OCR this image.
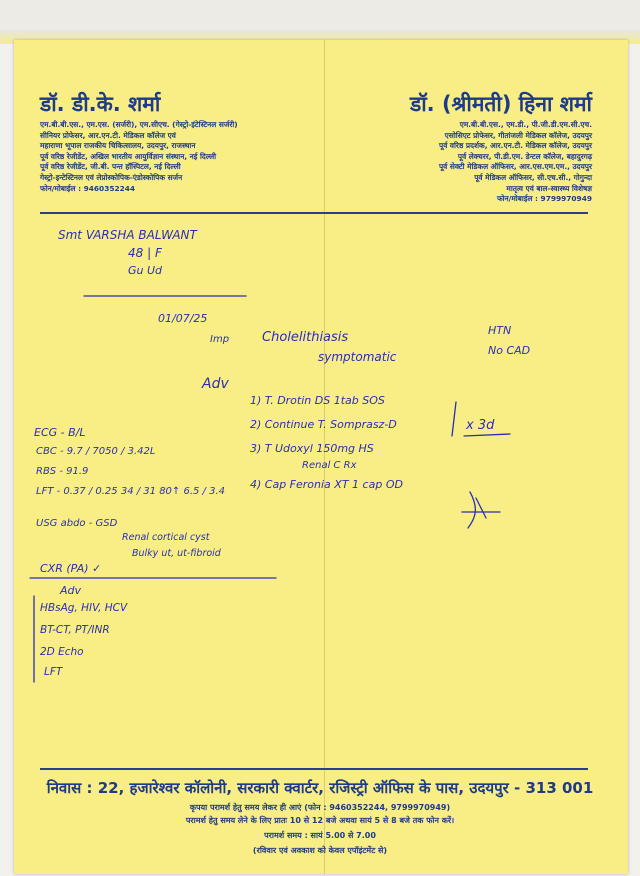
डॉ. डी.के. शर्मा
एम.बी.बी.एस., एम.एस. (सर्जरी), एम.सीएच. (गेस्ट्रो-इंटेस्टिनल सर्जरी)
सीनियर प्रोफेसर, आर.एन.टी. मेडिकल कॉलेज एवं
महाराणा भूपाल राजकीय चिकित्सालय, उदयपुर, राजस्थान
पूर्व वरिष्ठ रेजीडेंट, अखिल भारतीय आयुर्विज्ञान संस्थान, नई दिल्ली
पूर्व वरिष्ठ रेजीडेंट, जी.बी. पन्त हॉस्पिटल, नई दिल्ली
गेस्ट्रो-इन्टेस्टिनल एवं लेप्रोस्कोपिक-एंडोस्कोपिक सर्जन
फोन/मोबाईल : 9460352244
डॉ. (श्रीमती) हिना शर्मा
एम.बी.बी.एस., एम.डी., पी.जी.डी.एम.सी.एच.
एसोसिएट प्रोफेसर, गीतांजली मेडिकल कॉलेज, उदयपुर
पूर्व वरिष्ठ प्रदर्शक, आर.एन.टी. मेडिकल कॉलेज, उदयपुर
पूर्व लेक्चरर, पी.डी.एम. डेन्टल कॉलेज, बहादुरगढ़
पूर्व सेक्टी मेडिकल ऑफिसर, आर.एस.एम.एम., उदयपुर
पूर्व मेडिकल ऑफिसर, सी.एच.सी., गोगुन्दा
मातृत्व एवं बाल-स्वास्थ्य विशेषज्ञ
फोन/मोबाईल : 9799970949
Smt VARSHA BALWANT
48 | F
Gu Ud
01/07/25
Imp	Cholelithiasis
symptomatic
HTN
No CAD
Adv
1) T. Drotin DS 1tab SOS
2) Continue T. Somprasz-D
3) T Udoxyl 150mg HS
Renal C Rx
4) Cap Feronia XT 1 cap OD
x 3d
ECG - B/L
CBC - 9.7 / 7050 / 3.42L
RBS - 91.9
LFT - 0.37 / 0.25 34 / 31 80↑ 6.5 / 3.4
USG abdo - GSD
Renal cortical cyst
Bulky ut, ut-fibroid
CXR (PA) ✓
Adv
HBsAg, HIV, HCV
BT-CT, PT/INR
2D Echo
LFT
निवास : 22, हजारेश्वर कॉलोनी, सरकारी क्वार्टर, रजिस्ट्री ऑफिस के पास, उदयपुर - 313 001
कृपया परामर्श हेतु समय लेकर ही आएं (फोन : 9460352244, 9799970949)
परामर्श हेतु समय लेने के लिए प्रातः 10 से 12 बजे अथवा सायं 5 से 8 बजे तक फोन करें।
परामर्श समय : सायं 5.00 से 7.00
(रविवार एवं अवकाश को केवल एपॉइंटमेंट से)
